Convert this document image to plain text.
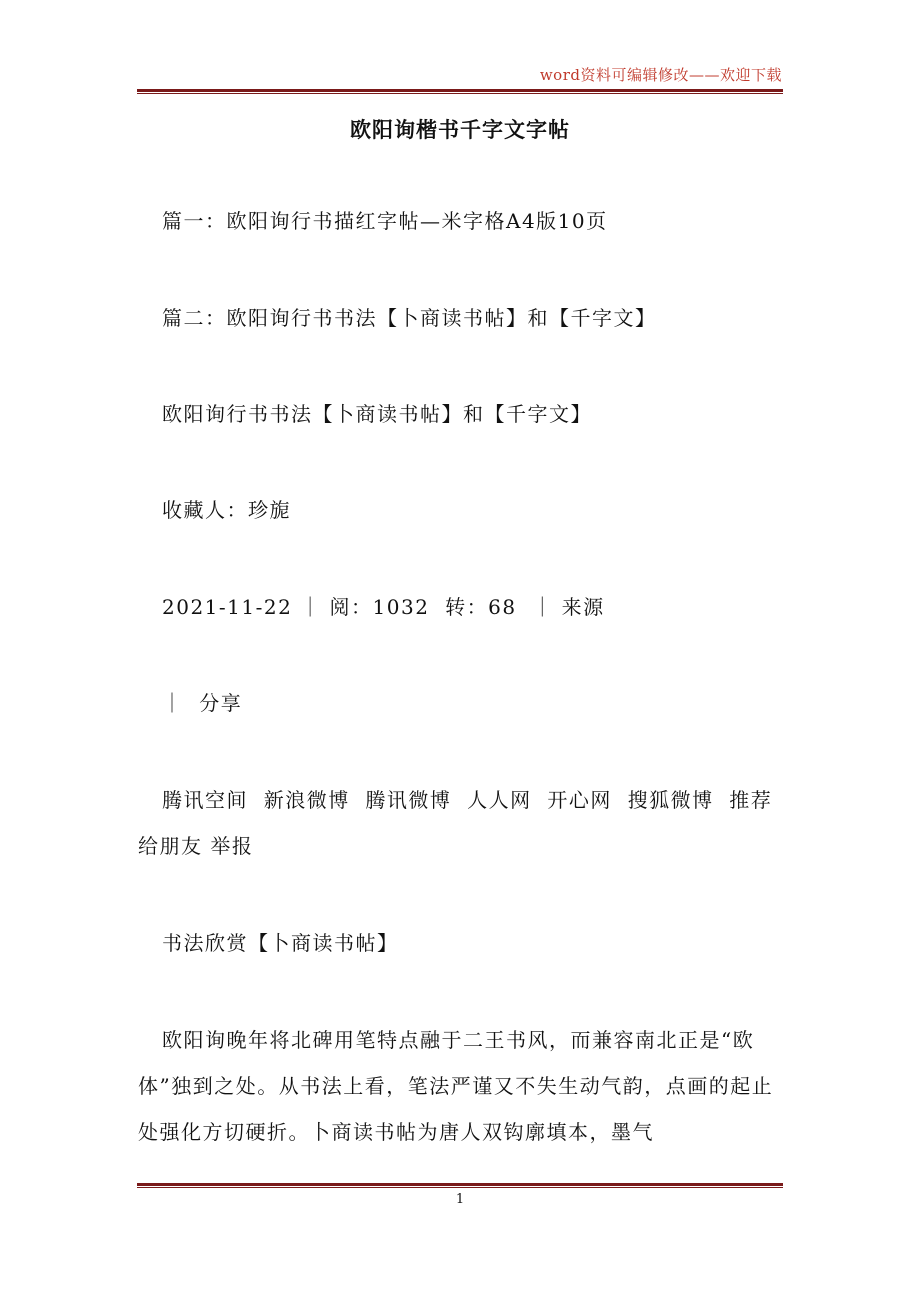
word资料可编辑修改——欢迎下载
欧阳询楷书千字文字帖
篇一：欧阳询行书描红字帖—米字格A4版10页
篇二：欧阳询行书书法【卜商读书帖】和【千字文】
欧阳询行书书法【卜商读书帖】和【千字文】
收藏人：珍旎
2021-11-22 ｜ 阅：1032  转：68  ｜ 来源
｜  分享
腾讯空间  新浪微博  腾讯微博  人人网  开心网  搜狐微博  推荐给朋友 举报
书法欣赏【卜商读书帖】
欧阳询晚年将北碑用笔特点融于二王书风，而兼容南北正是“欧体”独到之处。从书法上看，笔法严谨又不失生动气韵，点画的起止处强化方切硬折。卜商读书帖为唐人双钩廓填本，墨气
1
